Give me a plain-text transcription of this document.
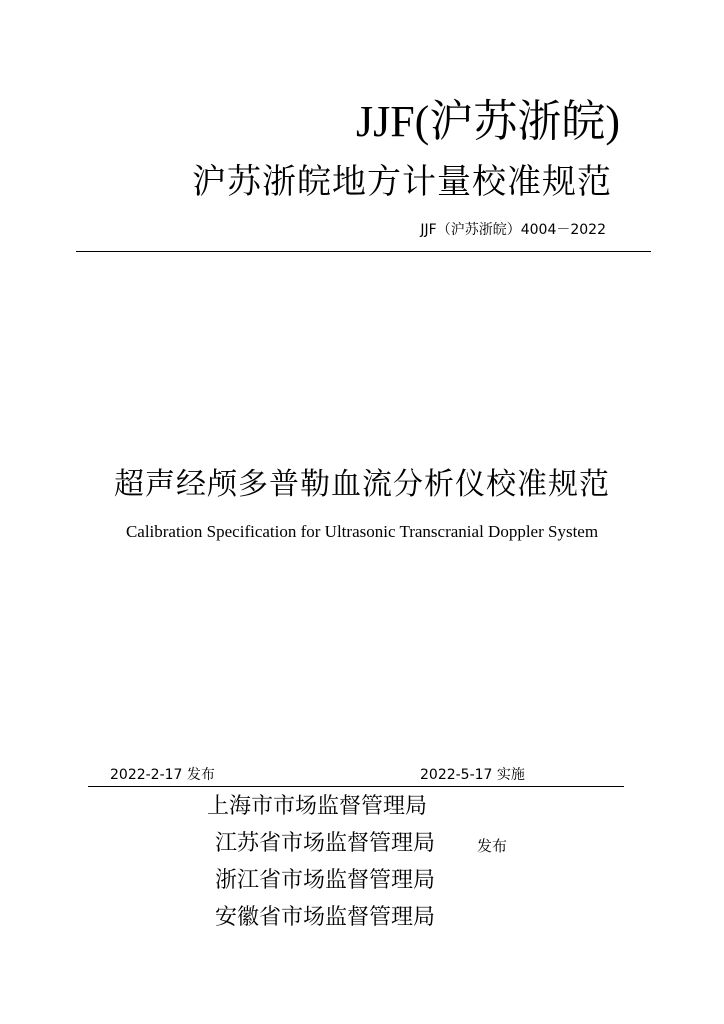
JJF(沪苏浙皖)
沪苏浙皖地方计量校准规范
JJF（沪苏浙皖）4004－2022
超声经颅多普勒血流分析仪校准规范
Calibration Specification for Ultrasonic Transcranial Doppler System
2022-2-17 发布	2022-5-17 实施
上海市市场监督管理局
江苏省市场监督管理局	发布
浙江省市场监督管理局
安徽省市场监督管理局
